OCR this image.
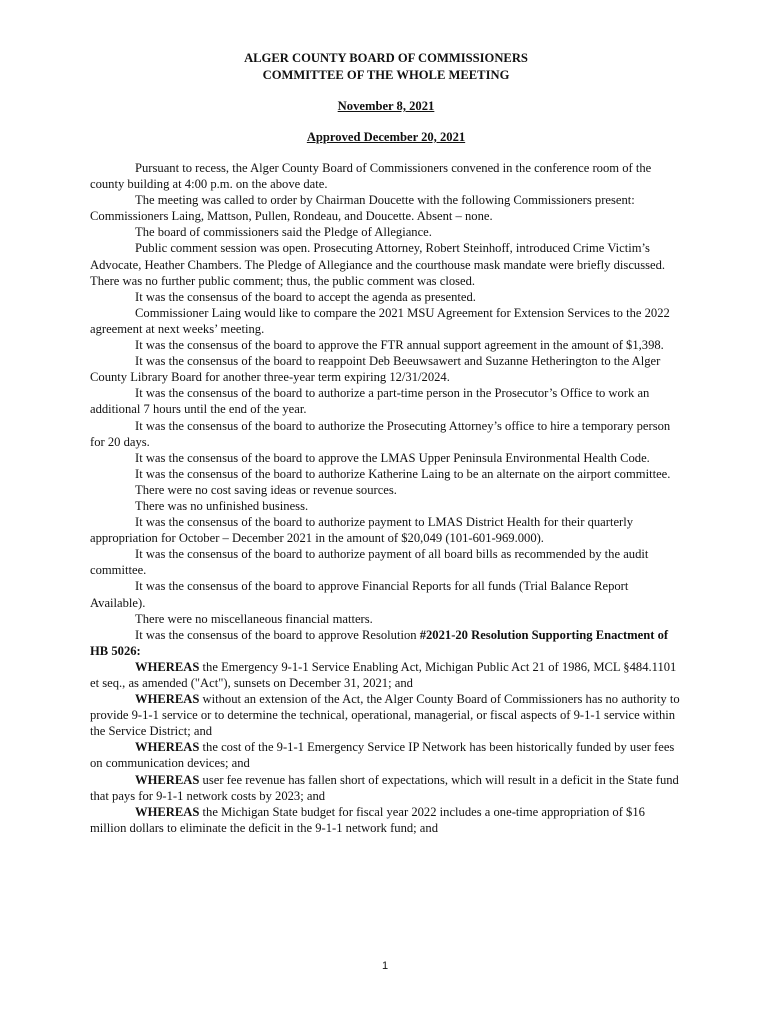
ALGER COUNTY BOARD OF COMMISSIONERS
COMMITTEE OF THE WHOLE MEETING
November 8, 2021
Approved December 20, 2021

Pursuant to recess, the Alger County Board of Commissioners convened in the conference room of the county building at 4:00 p.m. on the above date.

The meeting was called to order by Chairman Doucette with the following Commissioners present: Commissioners Laing, Mattson, Pullen, Rondeau, and Doucette. Absent – none.

The board of commissioners said the Pledge of Allegiance.

Public comment session was open. Prosecuting Attorney, Robert Steinhoff, introduced Crime Victim’s Advocate, Heather Chambers. The Pledge of Allegiance and the courthouse mask mandate were briefly discussed. There was no further public comment; thus, the public comment was closed.

It was the consensus of the board to accept the agenda as presented.

Commissioner Laing would like to compare the 2021 MSU Agreement for Extension Services to the 2022 agreement at next weeks’ meeting.

It was the consensus of the board to approve the FTR annual support agreement in the amount of $1,398.

It was the consensus of the board to reappoint Deb Beeuwsawert and Suzanne Hetherington to the Alger County Library Board for another three-year term expiring 12/31/2024.

It was the consensus of the board to authorize a part-time person in the Prosecutor’s Office to work an additional 7 hours until the end of the year.

It was the consensus of the board to authorize the Prosecuting Attorney’s office to hire a temporary person for 20 days.

It was the consensus of the board to approve the LMAS Upper Peninsula Environmental Health Code.

It was the consensus of the board to authorize Katherine Laing to be an alternate on the airport committee.

There were no cost saving ideas or revenue sources.

There was no unfinished business.

It was the consensus of the board to authorize payment to LMAS District Health for their quarterly appropriation for October – December 2021 in the amount of $20,049 (101-601-969.000).

It was the consensus of the board to authorize payment of all board bills as recommended by the audit committee.

It was the consensus of the board to approve Financial Reports for all funds (Trial Balance Report Available).

There were no miscellaneous financial matters.

It was the consensus of the board to approve Resolution #2021-20 Resolution Supporting Enactment of HB 5026:

WHEREAS the Emergency 9-1-1 Service Enabling Act, Michigan Public Act 21 of 1986, MCL §484.1101 et seq., as amended ("Act"), sunsets on December 31, 2021; and

WHEREAS without an extension of the Act, the Alger County Board of Commissioners has no authority to provide 9-1-1 service or to determine the technical, operational, managerial, or fiscal aspects of 9-1-1 service within the Service District; and

WHEREAS the cost of the 9-1-1 Emergency Service IP Network has been historically funded by user fees on communication devices; and

WHEREAS user fee revenue has fallen short of expectations, which will result in a deficit in the State fund that pays for 9-1-1 network costs by 2023; and

WHEREAS the Michigan State budget for fiscal year 2022 includes a one-time appropriation of $16 million dollars to eliminate the deficit in the 9-1-1 network fund; and

1
